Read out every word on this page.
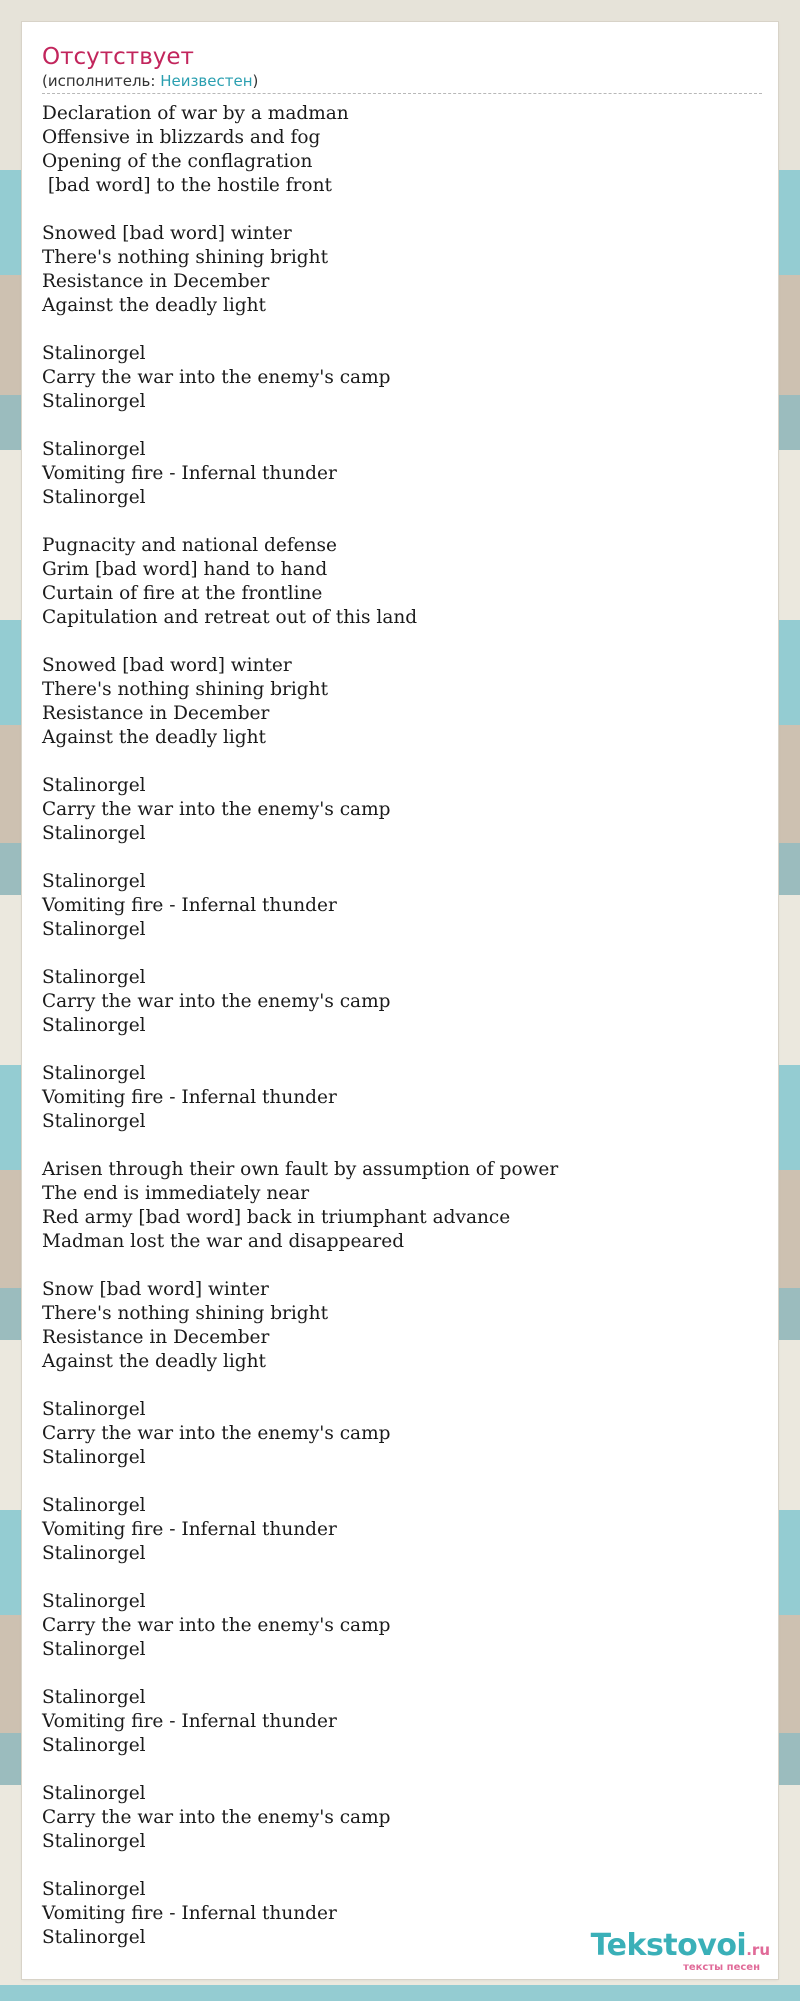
Отсутствует
(исполнитель: Неизвестен)
Declaration of war by a madman
Offensive in blizzards and fog
Opening of the conflagration
[bad word] to the hostile front
Snowed [bad word] winter
There's nothing shining bright
Resistance in December
Against the deadly light
Stalinorgel
Carry the war into the enemy's camp
Stalinorgel
Stalinorgel
Vomiting fire - Infernal thunder
Stalinorgel
Pugnacity and national defense
Grim [bad word] hand to hand
Curtain of fire at the frontline
Capitulation and retreat out of this land
Snowed [bad word] winter
There's nothing shining bright
Resistance in December
Against the deadly light
Stalinorgel
Carry the war into the enemy's camp
Stalinorgel
Stalinorgel
Vomiting fire - Infernal thunder
Stalinorgel
Stalinorgel
Carry the war into the enemy's camp
Stalinorgel
Stalinorgel
Vomiting fire - Infernal thunder
Stalinorgel
Arisen through their own fault by assumption of power
The end is immediately near
Red army [bad word] back in triumphant advance
Madman lost the war and disappeared
Snow [bad word] winter
There's nothing shining bright
Resistance in December
Against the deadly light
Stalinorgel
Carry the war into the enemy's camp
Stalinorgel
Stalinorgel
Vomiting fire - Infernal thunder
Stalinorgel
Stalinorgel
Carry the war into the enemy's camp
Stalinorgel
Stalinorgel
Vomiting fire - Infernal thunder
Stalinorgel
Stalinorgel
Carry the war into the enemy's camp
Stalinorgel
Stalinorgel
Vomiting fire - Infernal thunder
Stalinorgel	Tekstovoi.ru
тексты песен
